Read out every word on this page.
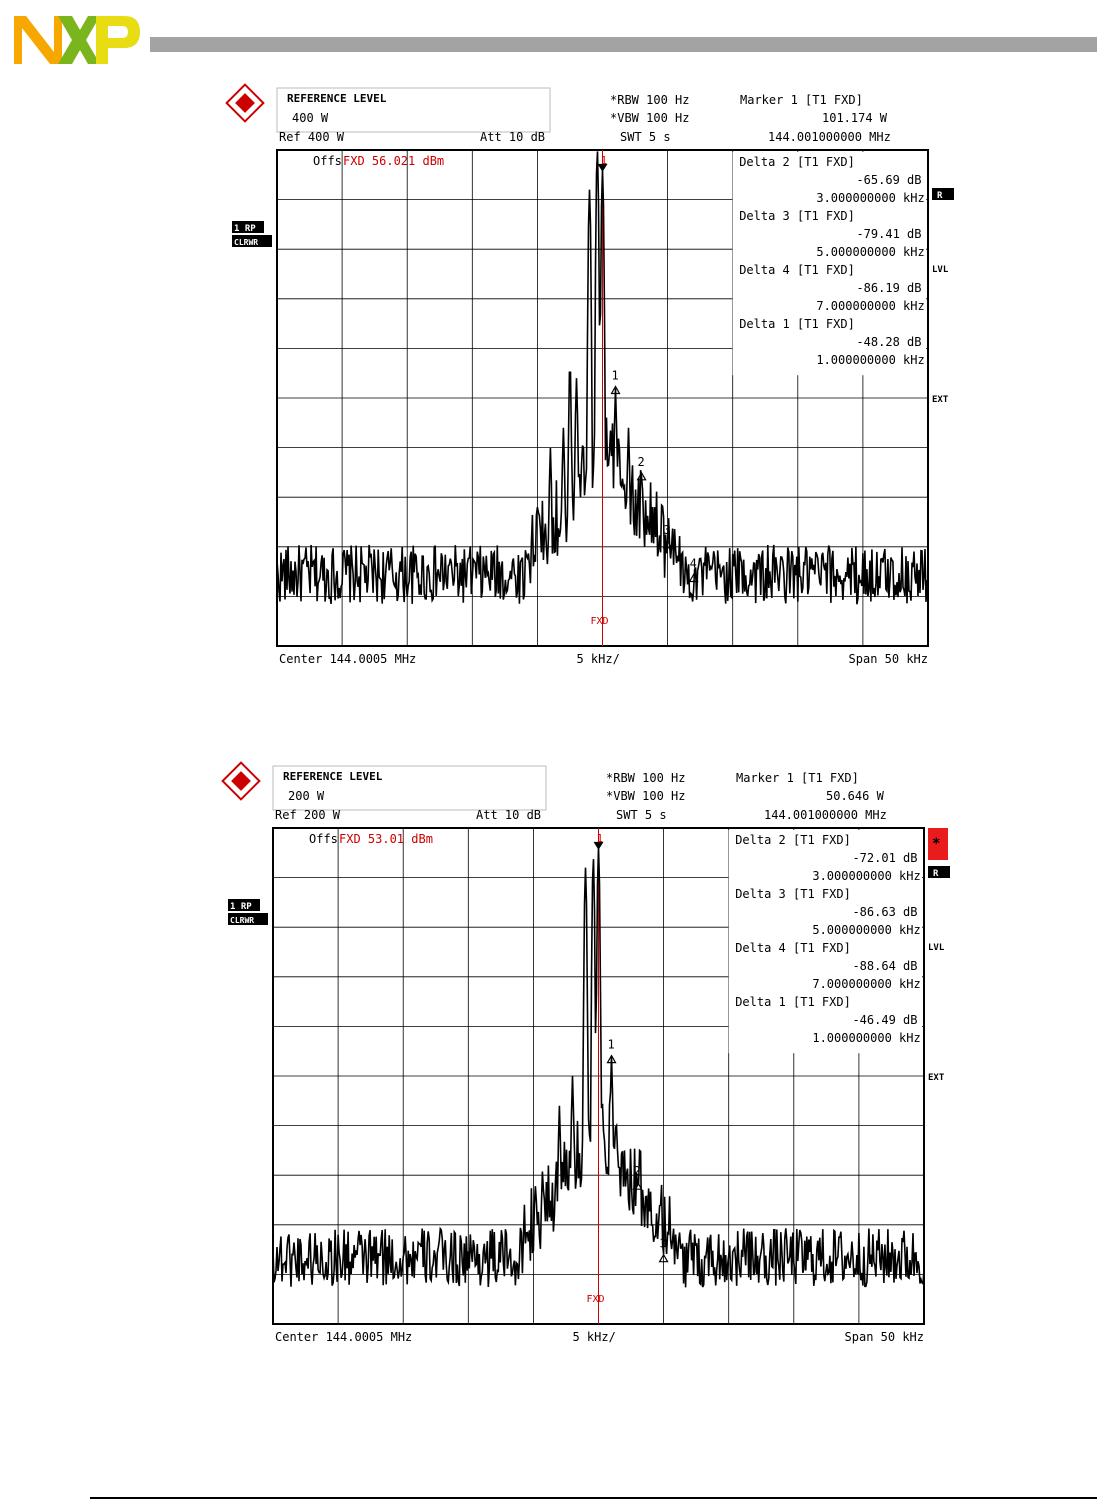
REFERENCE LEVEL
400 W
*RBW 100 Hz
*VBW 100 Hz
SWT 5 s
Marker 1 [T1 FXD]
101.174 W
144.001000000 MHz
Ref 400 W	Att 10 dB
1 RP
CLRWR
R
LVL
EXT
Delta 2 [T1 FXD]
-65.69 dB
3.000000000 kHz
Delta 3 [T1 FXD]
-79.41 dB
5.000000000 kHz
Delta 4 [T1 FXD]
-86.19 dB
7.000000000 kHz
Delta 1 [T1 FXD]
-48.28 dB
1.000000000 kHz
1
1
2
3
4
Offs FXD 56.021 dBm
FXD
Center 144.0005 MHz	5 kHz/	Span 50 kHz
REFERENCE LEVEL
200 W
*RBW 100 Hz
*VBW 100 Hz
SWT 5 s
Marker 1 [T1 FXD]
50.646 W
144.001000000 MHz
Ref 200 W	Att 10 dB
1 RP
CLRWR
*
R
LVL
EXT
Delta 2 [T1 FXD]
-72.01 dB
3.000000000 kHz
Delta 3 [T1 FXD]
-86.63 dB
5.000000000 kHz
Delta 4 [T1 FXD]
-88.64 dB
7.000000000 kHz
Delta 1 [T1 FXD]
-46.49 dB
1.000000000 kHz
1
1
2
3
Offs FXD 53.01 dBm
FXD
Center 144.0005 MHz	5 kHz/	Span 50 kHz
